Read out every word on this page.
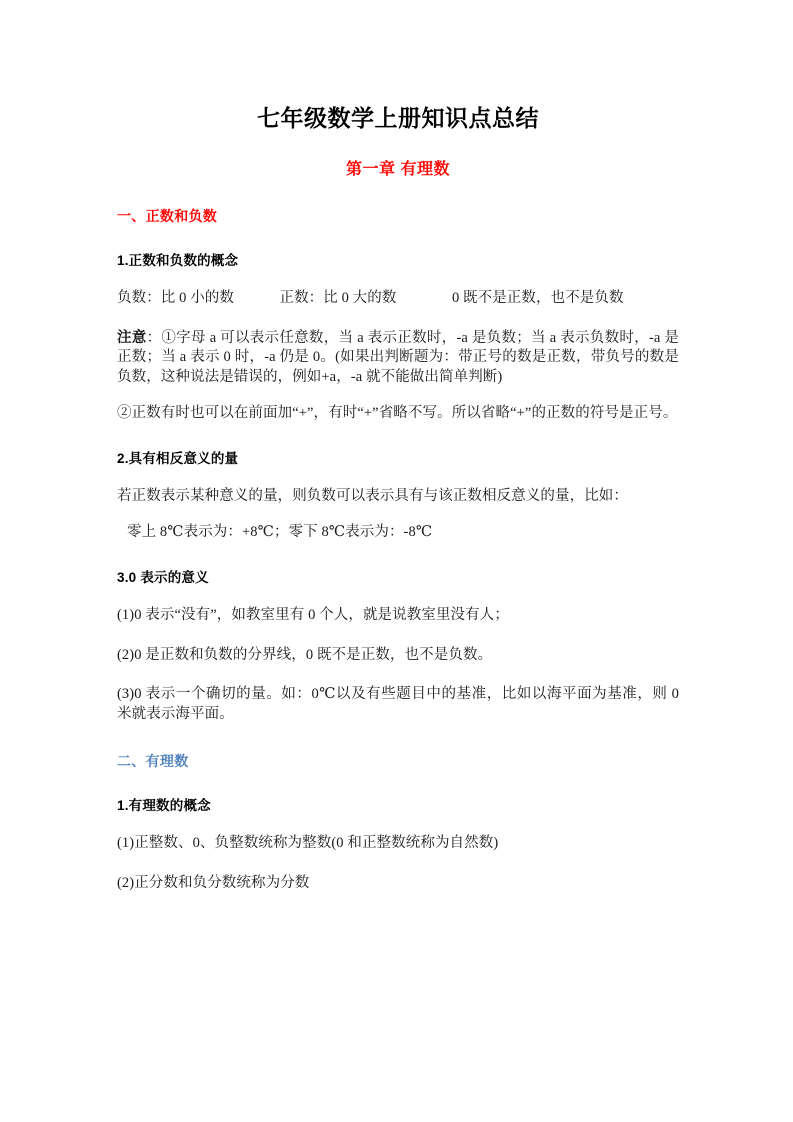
七年级数学上册知识点总结
第一章 有理数
一、正数和负数
1.正数和负数的概念

负数：比 0 小的数	正数：比 0 大的数	0 既不是正数，也不是负数

注意：①字母 a 可以表示任意数，当 a 表示正数时，-a 是负数；当 a 表示负数时，-a 是正数；当 a 表示 0 时，-a 仍是 0。(如果出判断题为：带正号的数是正数，带负号的数是负数，这种说法是错误的，例如+a，-a 就不能做出简单判断)

②正数有时也可以在前面加“+”，有时“+”省略不写。所以省略“+”的正数的符号是正号。

2.具有相反意义的量

若正数表示某种意义的量，则负数可以表示具有与该正数相反意义的量，比如：

零上 8℃表示为：+8℃；零下 8℃表示为：-8℃

3.0 表示的意义

(1)0 表示“没有”，如教室里有 0 个人，就是说教室里没有人；

(2)0 是正数和负数的分界线，0 既不是正数，也不是负数。

(3)0 表示一个确切的量。如：0℃以及有些题目中的基准，比如以海平面为基准，则 0 米就表示海平面。

二、有理数
1.有理数的概念

(1)正整数、0、负整数统称为整数(0 和正整数统称为自然数)

(2)正分数和负分数统称为分数
